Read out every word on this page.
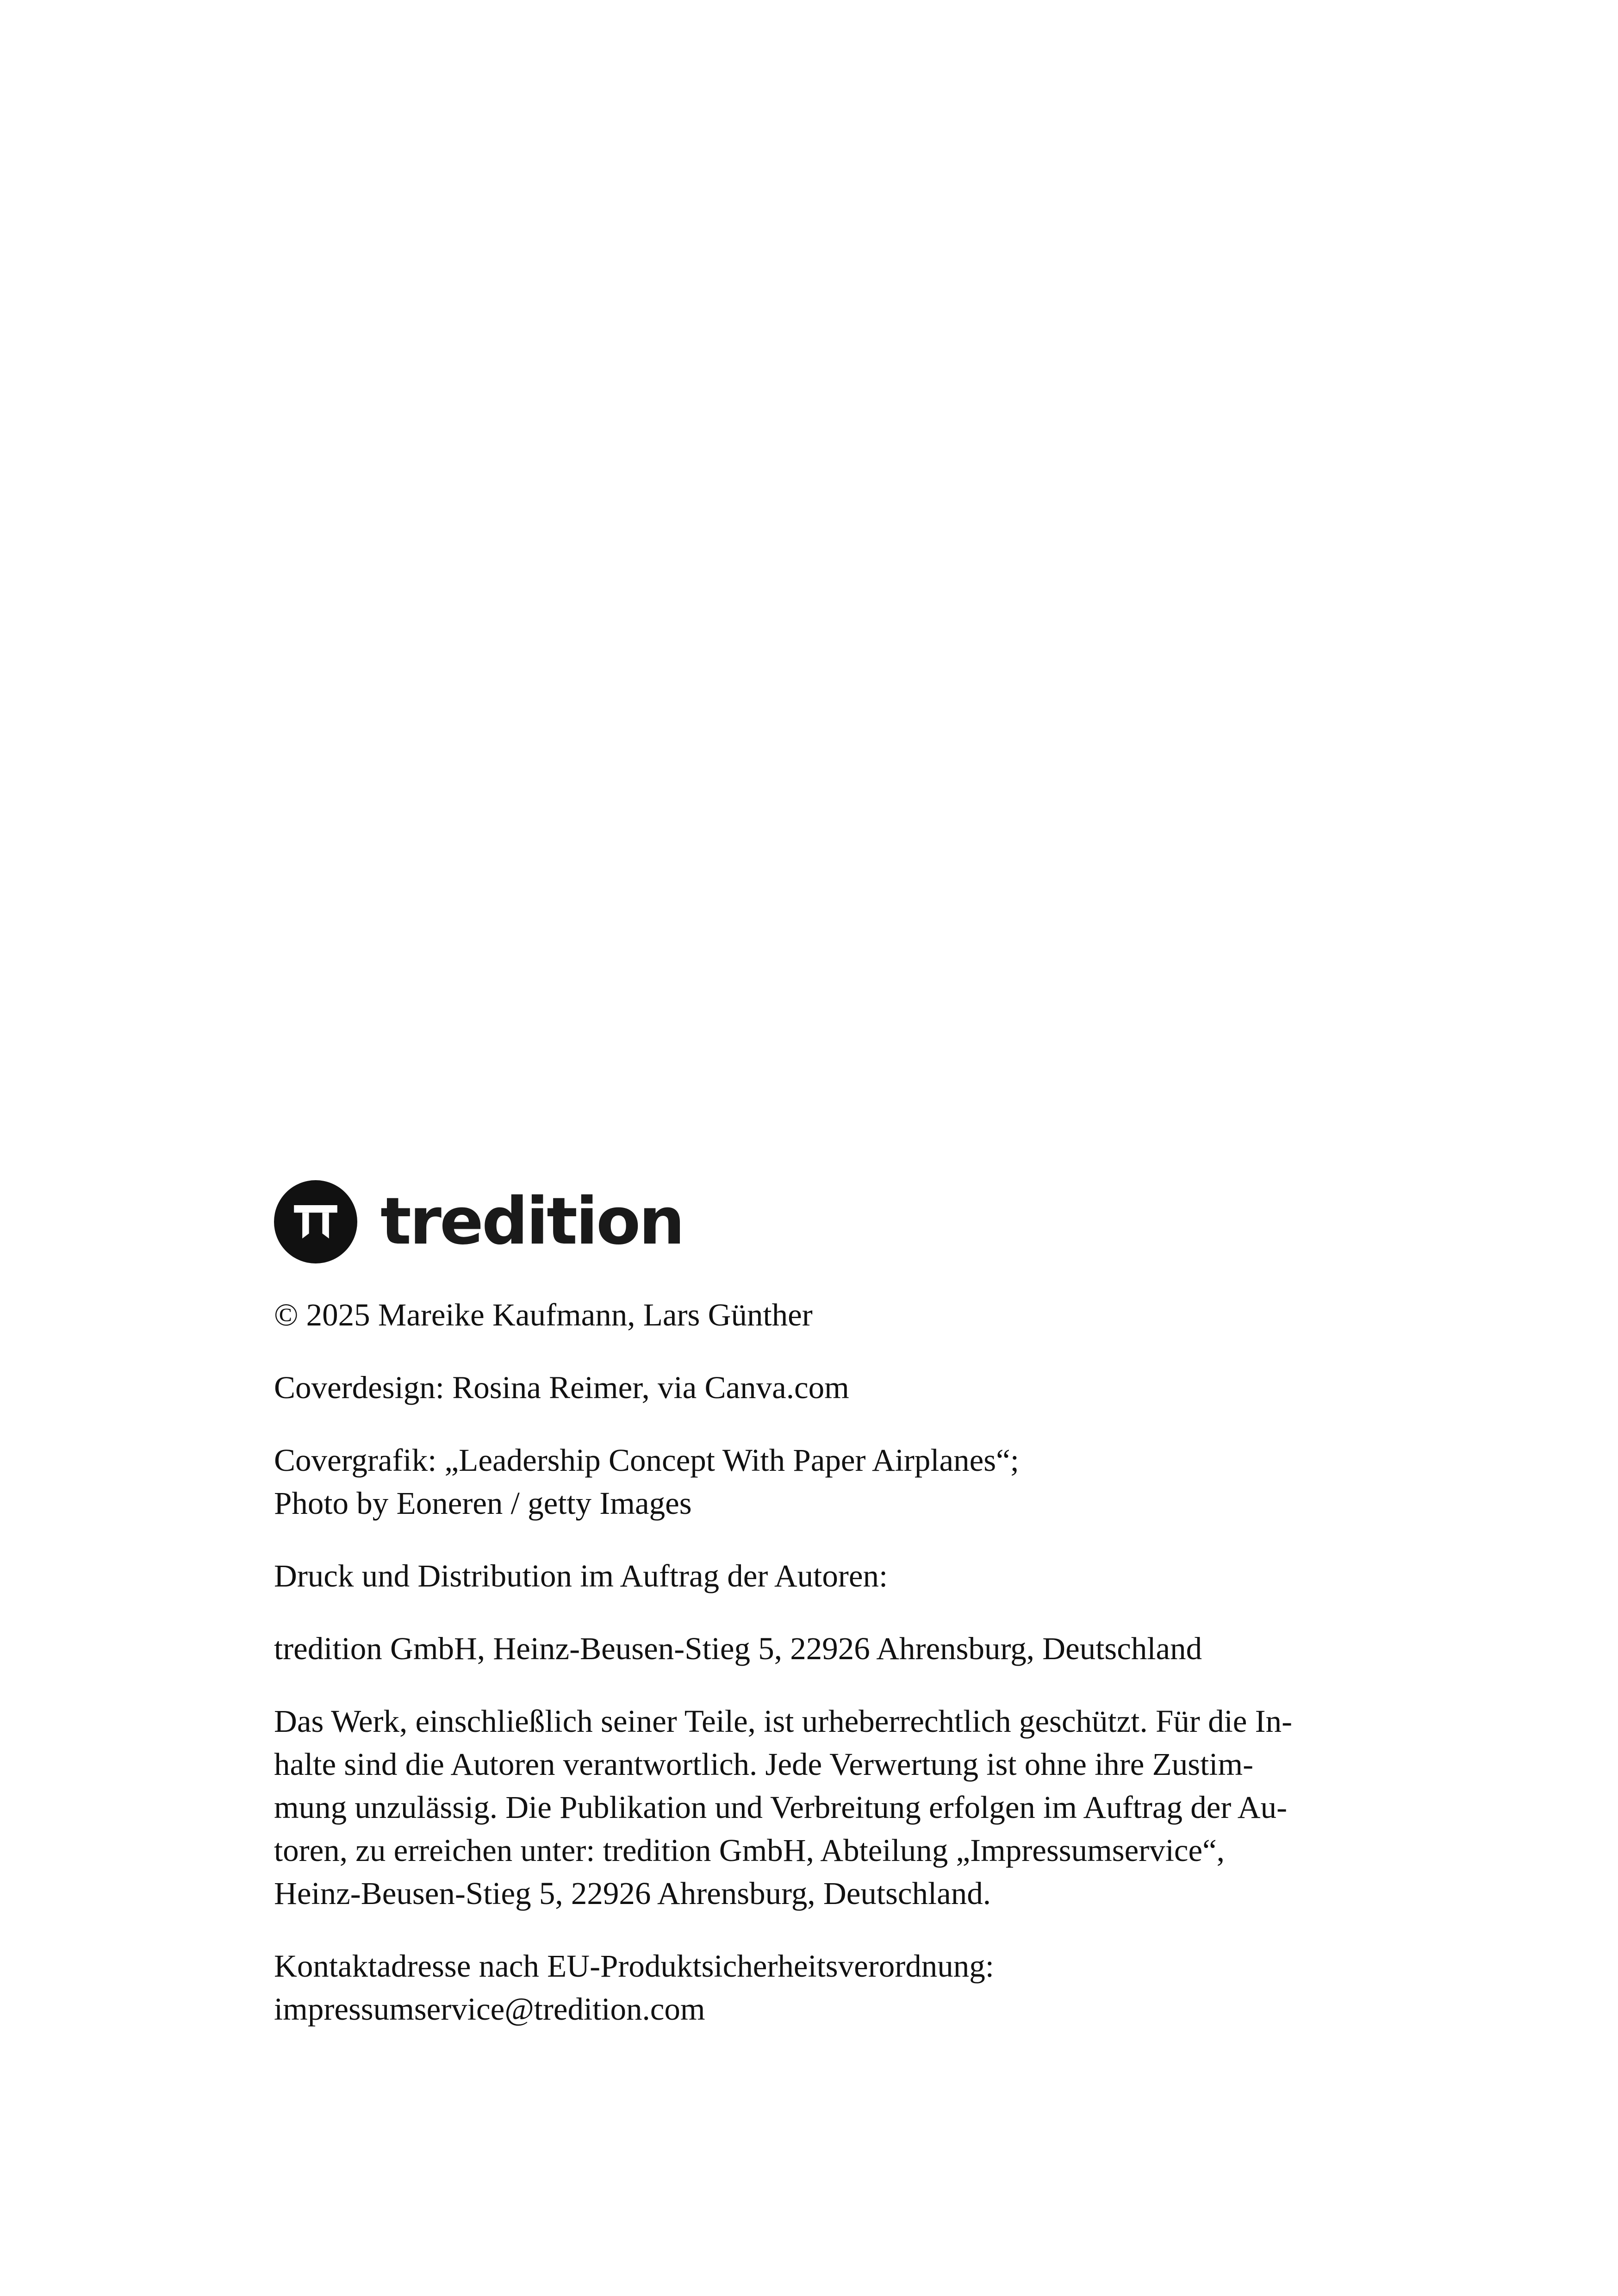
tredition

© 2025 Mareike Kaufmann, Lars Günther

Coverdesign: Rosina Reimer, via Canva.com

Covergrafik: „Leadership Concept With Paper Airplanes“;
Photo by Eoneren / getty Images

Druck und Distribution im Auftrag der Autoren:

tredition GmbH, Heinz-Beusen-Stieg 5, 22926 Ahrensburg, Deutschland

Das Werk, einschließlich seiner Teile, ist urheberrechtlich geschützt. Für die In-
halte sind die Autoren verantwortlich. Jede Verwertung ist ohne ihre Zustim-
mung unzulässig. Die Publikation und Verbreitung erfolgen im Auftrag der Au-
toren, zu erreichen unter: tredition GmbH, Abteilung „Impressumservice“,
Heinz-Beusen-Stieg 5, 22926 Ahrensburg, Deutschland.

Kontaktadresse nach EU-Produktsicherheitsverordnung:
impressumservice@tredition.com
